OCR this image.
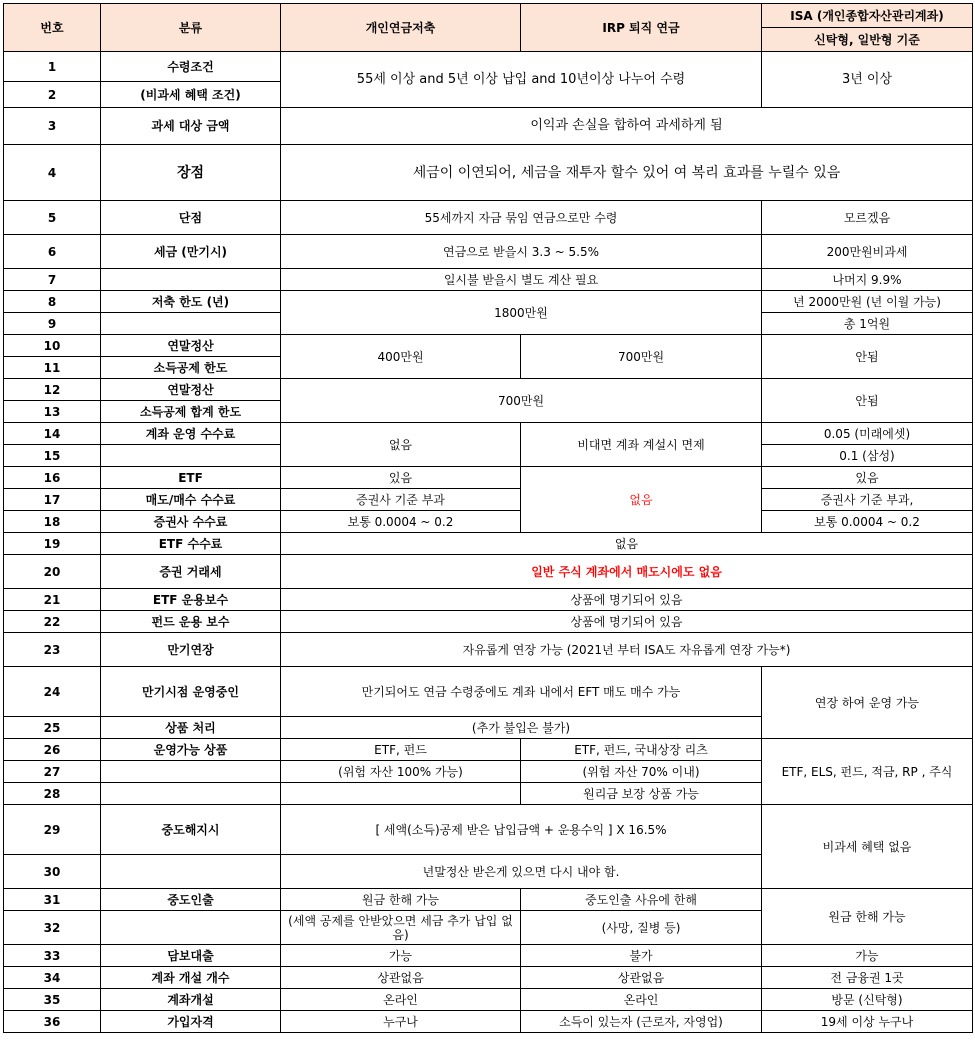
번호	분류	개인연금저축	IRP 퇴직 연금	ISA (개인종합자산관리계좌)
				신탁형, 일반형 기준
1	수령조건	55세 이상 and 5년 이상 납입 and 10년이상 나누어 수령		3년 이상
2	(비과세 혜택 조건)			
3	과세 대상 금액	이익과 손실을 합하여 과세하게 됨		
4	장점	세금이 이연되어, 세금을 재투자 할수 있어 여 복리 효과를 누릴수 있음		
5	단점	55세까지 자금 묶임 연금으로만 수령		모르겠음
6	세금 (만기시)	연금으로 받을시 3.3 ~ 5.5%		200만원비과세
7		일시불 받을시 별도 계산 필요		나머지 9.9%
8	저축 한도 (년)	1800만원		년 2000만원 (년 이월 가능)
9				총 1억원
10	연말정산	400만원	700만원	안됨
11	소득공제 한도			
12	연말정산	700만원		안됨
13	소득공제 합계 한도			
14	계좌 운영 수수료	없음	비대면 계좌 계설시 면제	0.05 (미래에셋)
15				0.1 (삼성)
16	ETF	있음	없음	있음
17	매도/매수 수수료	증권사 기준 부과		증권사 기준 부과,
18	증권사 수수료	보통 0.0004 ~ 0.2		보통 0.0004 ~ 0.2
19	ETF 수수료	없음		
20	증권 거래세	일반 주식 계좌에서 매도시에도 없음		
21	ETF 운용보수	상품에 명기되어 있음		
22	펀드 운용 보수	상품에 명기되어 있음		
23	만기연장	자유롭게 연장 가능 (2021년 부터 ISA도 자유롭게 연장 가능*)		
24	만기시점 운영중인	만기되어도 연금 수령중에도 계좌 내에서 EFT 매도 매수 가능		연장 하여 운영 가능
25	상품 처리	(추가 불입은 불가)		
26	운영가능 상품	ETF, 펀드	ETF, 펀드, 국내상장 리츠	ETF, ELS, 펀드, 적금, RP , 주식
27		(위험 자산 100% 가능)	(위험 자산 70% 이내)	
28			원리금 보장 상품 가능	
29	중도해지시	[ 세액(소득)공제 받은 납입금액 + 운용수익 ] X 16.5%		비과세 혜택 없음
30		년말정산 받은게 있으면 다시 내야 함.		
31	중도인출	원금 한해 가능	중도인출 사유에 한해	원금 한해 가능
32		(세액 공제를 안받았으면 세금 추가 납입 없음)	(사망, 질병 등)	
33	담보대출	가능	불가	가능
34	계좌 개설 개수	상관없음	상관없음	전 금융권 1곳
35	계좌개설	온라인	온라인	방문 (신탁형)
36	가입자격	누구나	소득이 있는자 (근로자, 자영업)	19세 이상 누구나
